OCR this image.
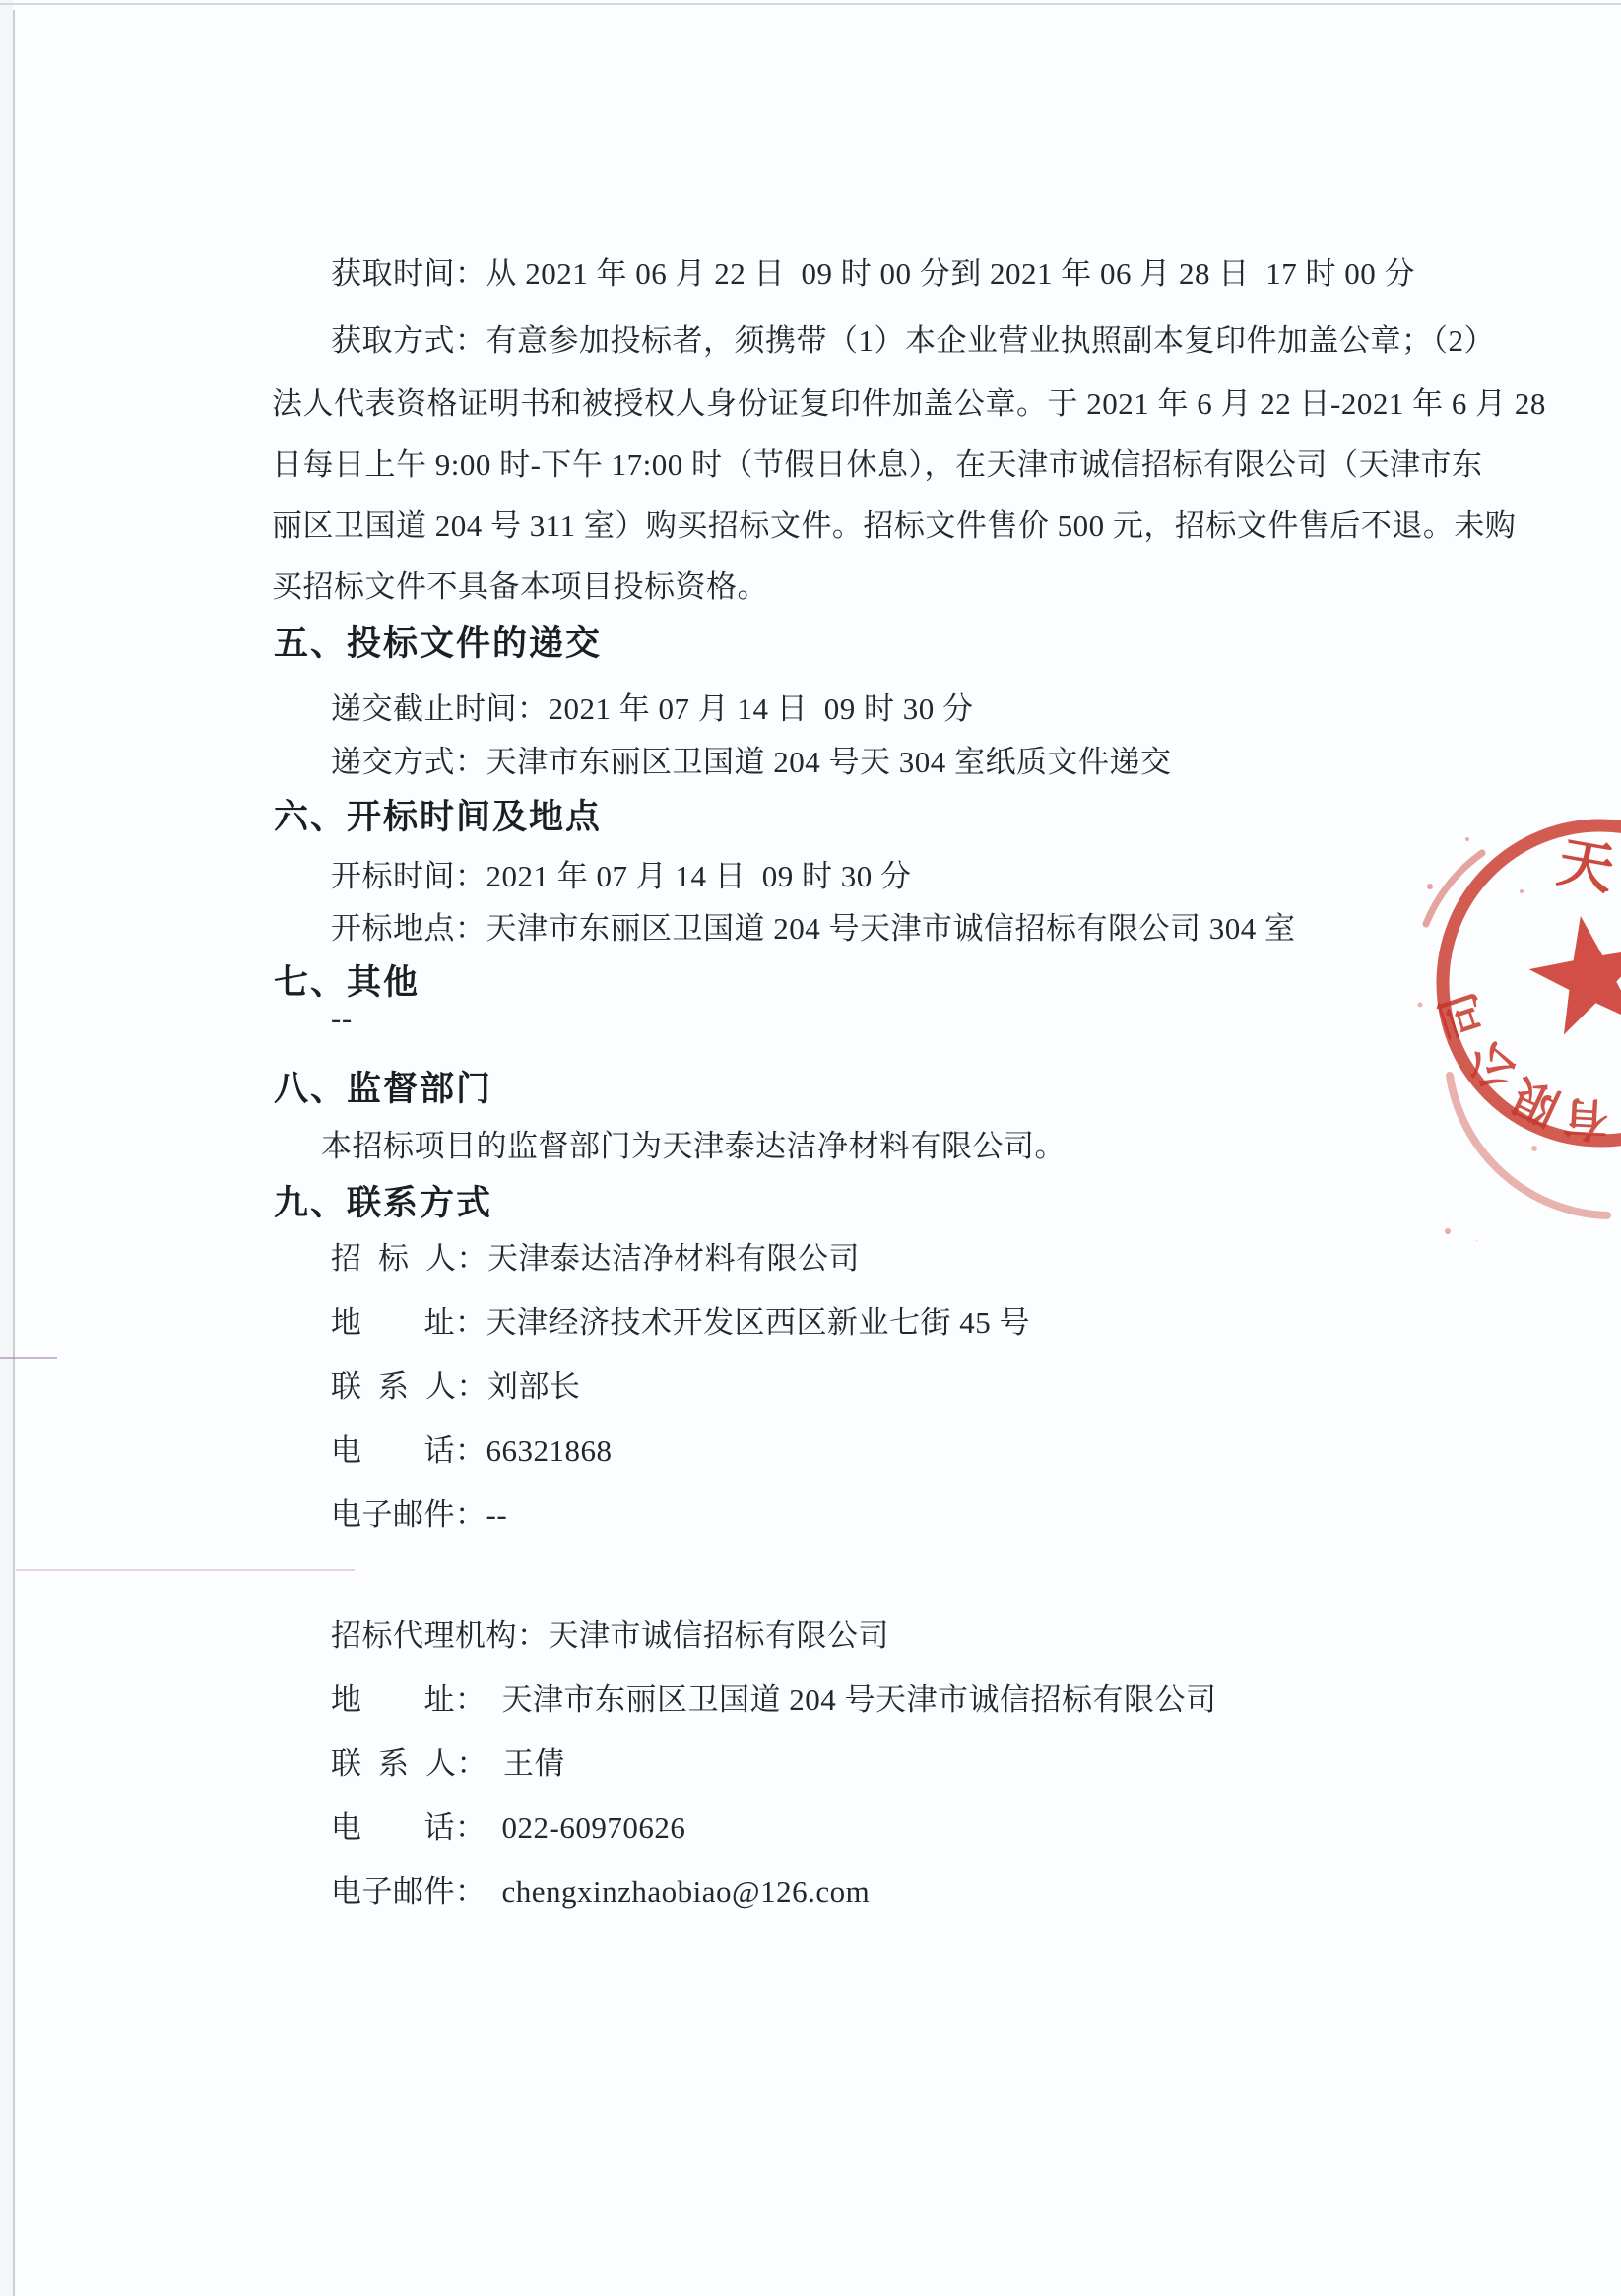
获取时间：从 2021 年 06 月 22 日  09 时 00 分到 2021 年 06 月 28 日  17 时 00 分
获取方式：有意参加投标者，须携带（1）本企业营业执照副本复印件加盖公章；（2）
法人代表资格证明书和被授权人身份证复印件加盖公章。于 2021 年 6 月 22 日-2021 年 6 月 28
日每日上午 9:00 时-下午 17:00 时（节假日休息），在天津市诚信招标有限公司（天津市东
丽区卫国道 204 号 311 室）购买招标文件。招标文件售价 500 元，招标文件售后不退。未购
买招标文件不具备本项目投标资格。
五、投标文件的递交
递交截止时间：2021 年 07 月 14 日  09 时 30 分
递交方式：天津市东丽区卫国道 204 号天 304 室纸质文件递交
六、开标时间及地点
开标时间：2021 年 07 月 14 日  09 时 30 分
开标地点：天津市东丽区卫国道 204 号天津市诚信招标有限公司 304 室
七、其他
--
八、监督部门
本招标项目的监督部门为天津泰达洁净材料有限公司。
九、联系方式
招  标  人：天津泰达洁净材料有限公司
地　　址：天津经济技术开发区西区新业七街 45 号
联  系  人：刘部长
电　　话：66321868
电子邮件：--
招标代理机构：天津市诚信招标有限公司
地　　址：　天津市东丽区卫国道 204 号天津市诚信招标有限公司
联  系  人：　王倩
电　　话：　022-60970626
电子邮件：　chengxinzhaobiao@126.com
天
司
公
限
有
